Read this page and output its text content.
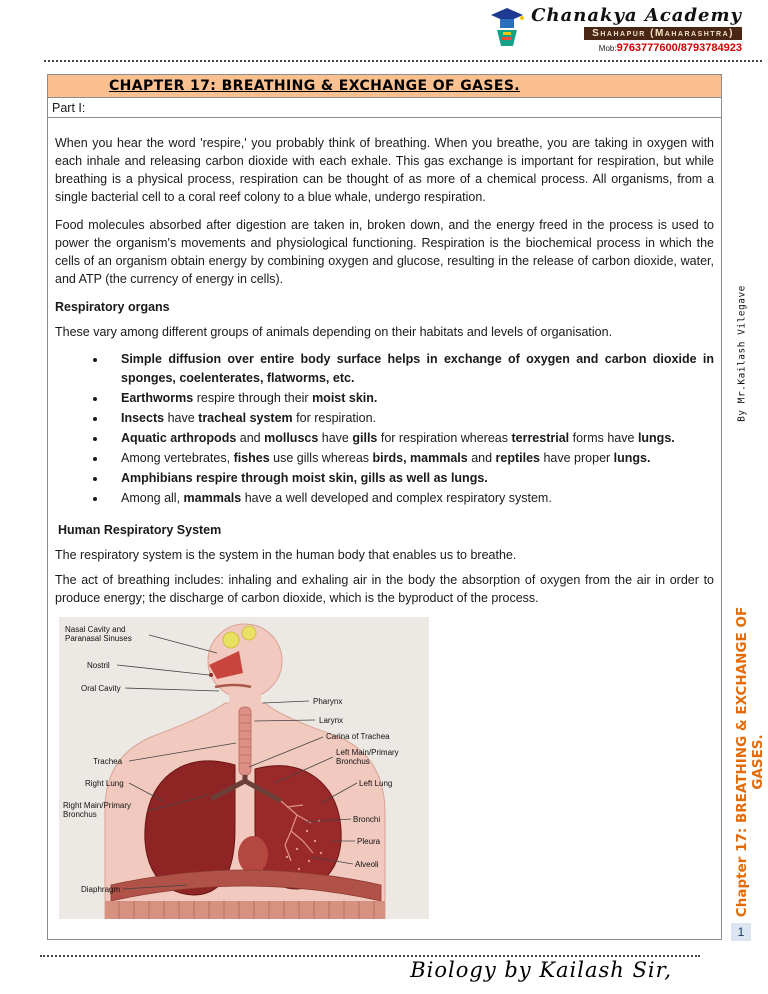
Chanakya Academy
Shahapur (Maharashtra)
Mob:9763777600/8793784923
CHAPTER 17: BREATHING & EXCHANGE OF GASES.
Part I:

When you hear the word 'respire,' you probably think of breathing. When you breathe, you are taking in oxygen with each inhale and releasing carbon dioxide with each exhale. This gas exchange is important for respiration, but while breathing is a physical process, respiration can be thought of as more of a chemical process. All organisms, from a single bacterial cell to a coral reef colony to a blue whale, undergo respiration.

Food molecules absorbed after digestion are taken in, broken down, and the energy freed in the process is used to power the organism's movements and physiological functioning. Respiration is the biochemical process in which the cells of an organism obtain energy by combining oxygen and glucose, resulting in the release of carbon dioxide, water, and ATP (the currency of energy in cells).

Respiratory organs

These vary among different groups of animals depending on their habitats and levels of organisation.

• Simple diffusion over entire body surface helps in exchange of oxygen and carbon dioxide in sponges, coelenterates, flatworms, etc.
• Earthworms respire through their moist skin.
• Insects have tracheal system for respiration.
• Aquatic arthropods and molluscs have gills for respiration whereas terrestrial forms have lungs.
• Among vertebrates, fishes use gills whereas birds, mammals and reptiles have proper lungs.
• Amphibians respire through moist skin, gills as well as lungs.
• Among all, mammals have a well developed and complex respiratory system.
Human Respiratory System

The respiratory system is the system in the human body that enables us to breathe.

The act of breathing includes: inhaling and exhaling air in the body the absorption of oxygen from the air in order to produce energy; the discharge of carbon dioxide, which is the byproduct of the process.

Nasal Cavity and Paranasal Sinuses
Nostril
Oral Cavity
Pharynx
Larynx
Carina of Trachea
Left Main/Primary Bronchus
Trachea
Right Lung	Left Lung
Right Main/Primary Bronchus
Bronchi
Pleura
Alveoli
Diaphragm
By Mr.Kailash Vilegave
Chapter 17: BREATHING & EXCHANGE OF GASES.
1
Biology by Kailash Sir,
